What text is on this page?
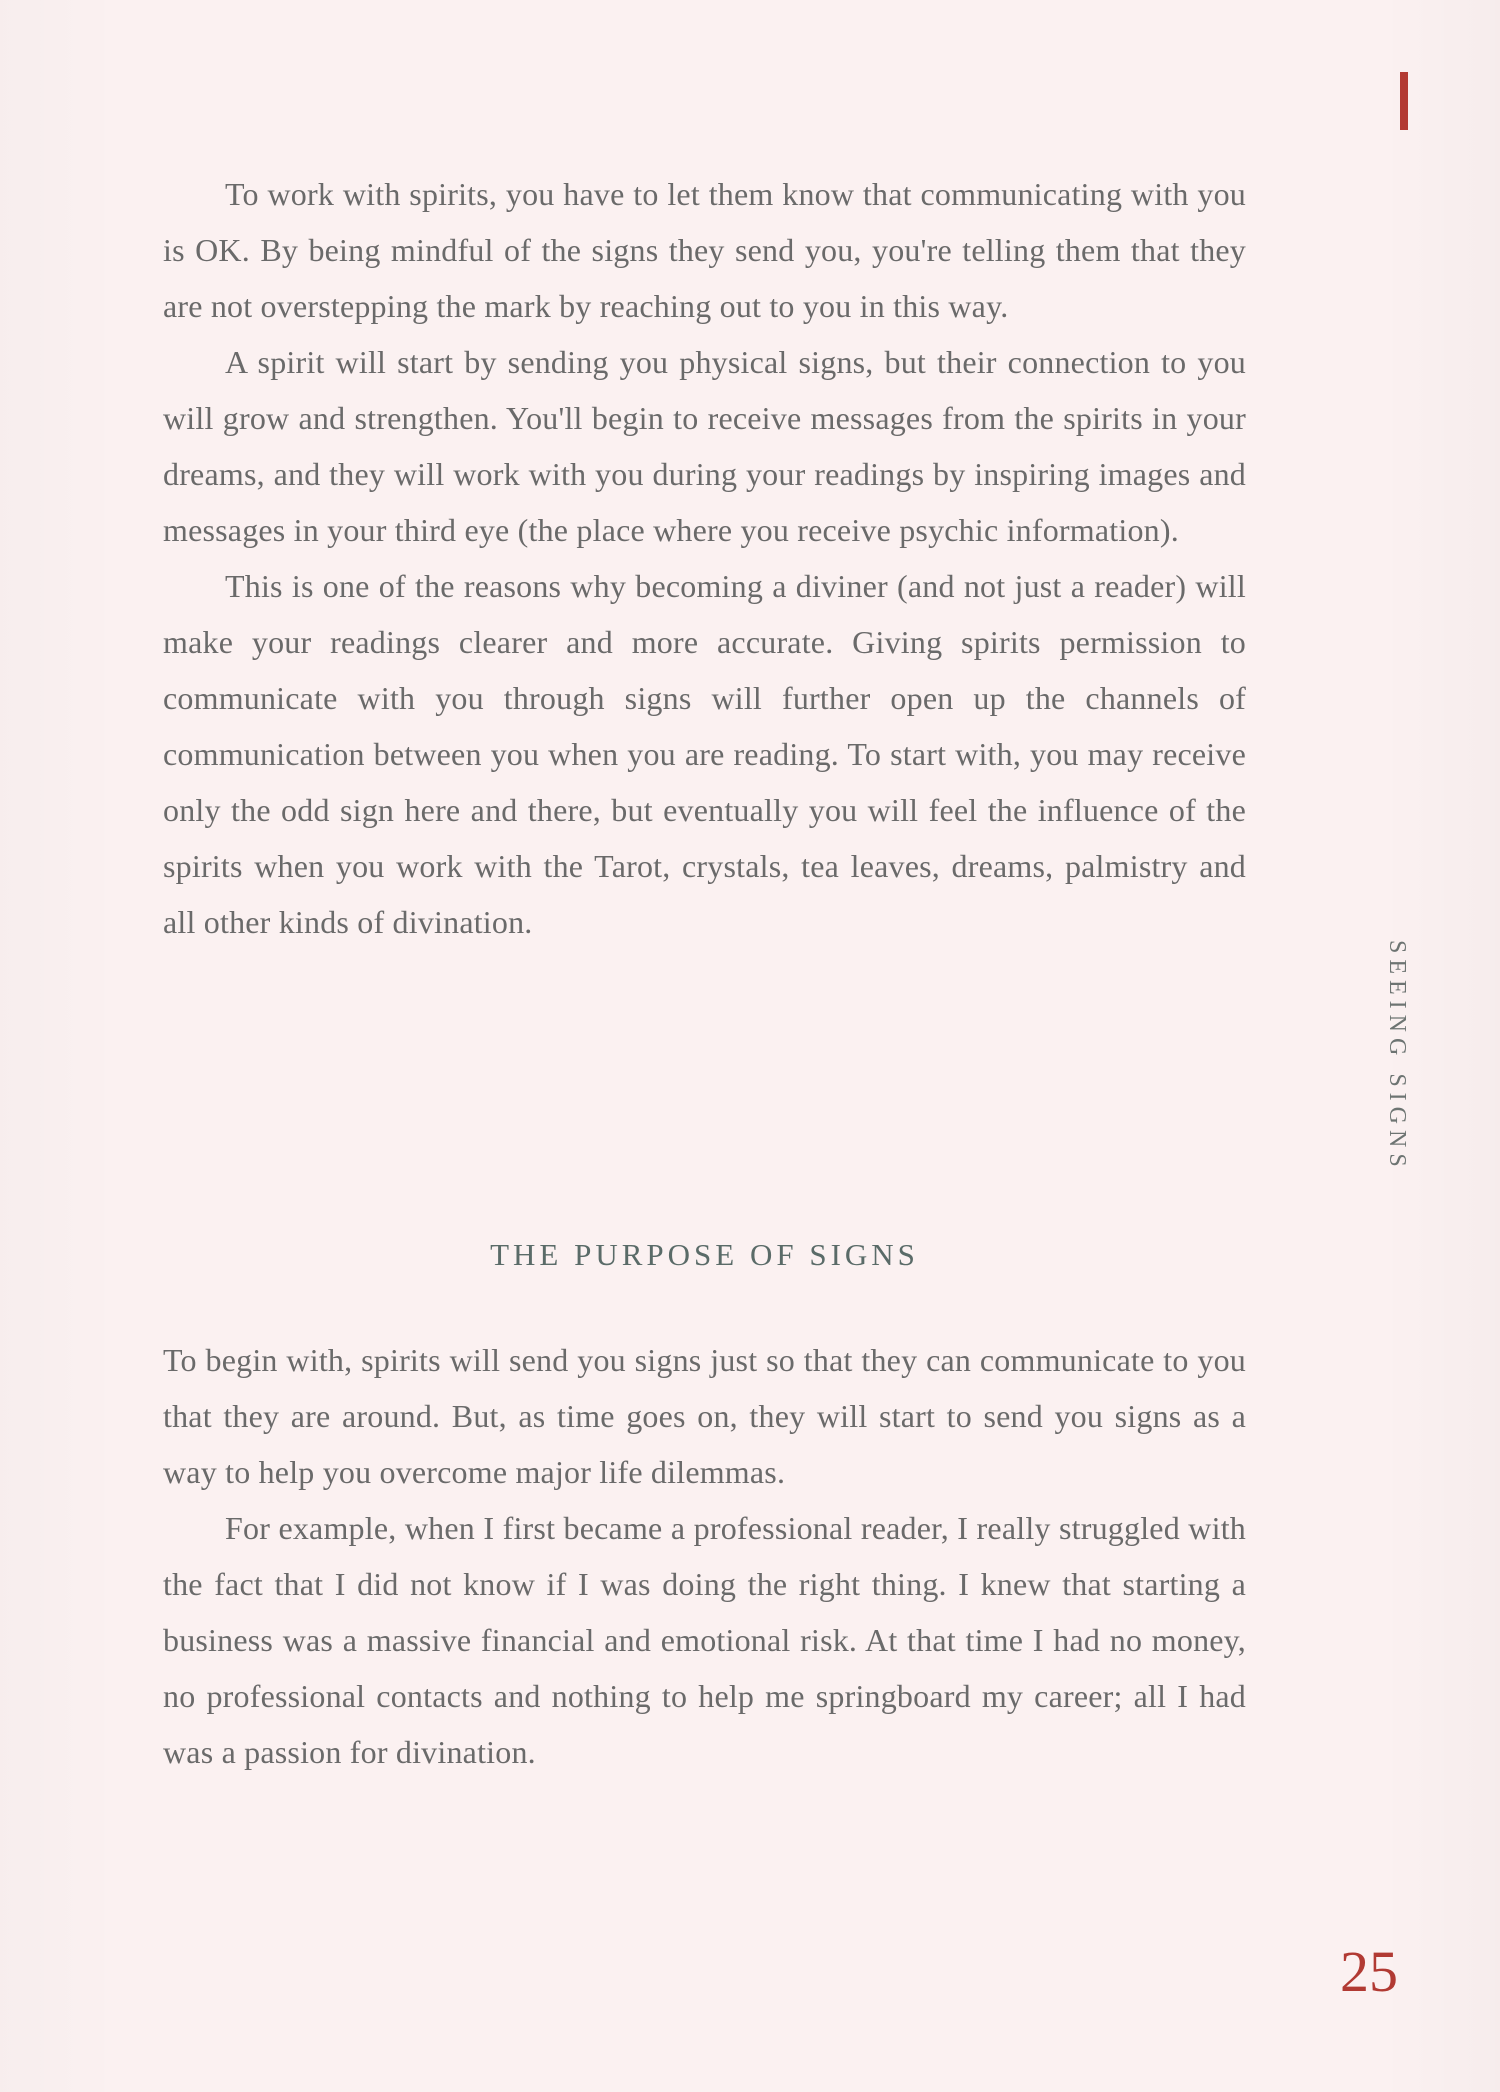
To work with spirits, you have to let them know that communicating with you is OK. By being mindful of the signs they send you, you're telling them that they are not overstepping the mark by reaching out to you in this way.

A spirit will start by sending you physical signs, but their connection to you will grow and strengthen. You'll begin to receive messages from the spirits in your dreams, and they will work with you during your readings by inspiring images and messages in your third eye (the place where you receive psychic information).

This is one of the reasons why becoming a diviner (and not just a reader) will make your readings clearer and more accurate. Giving spirits permission to communicate with you through signs will further open up the channels of communication between you when you are reading. To start with, you may receive only the odd sign here and there, but eventually you will feel the influence of the spirits when you work with the Tarot, crystals, tea leaves, dreams, palmistry and all other kinds of divination.

THE PURPOSE OF SIGNS

To begin with, spirits will send you signs just so that they can communicate to you that they are around. But, as time goes on, they will start to send you signs as a way to help you overcome major life dilemmas.

For example, when I first became a professional reader, I really struggled with the fact that I did not know if I was doing the right thing. I knew that starting a business was a massive financial and emotional risk. At that time I had no money, no professional contacts and nothing to help me springboard my career; all I had was a passion for divination.

SEEING SIGNS
25
